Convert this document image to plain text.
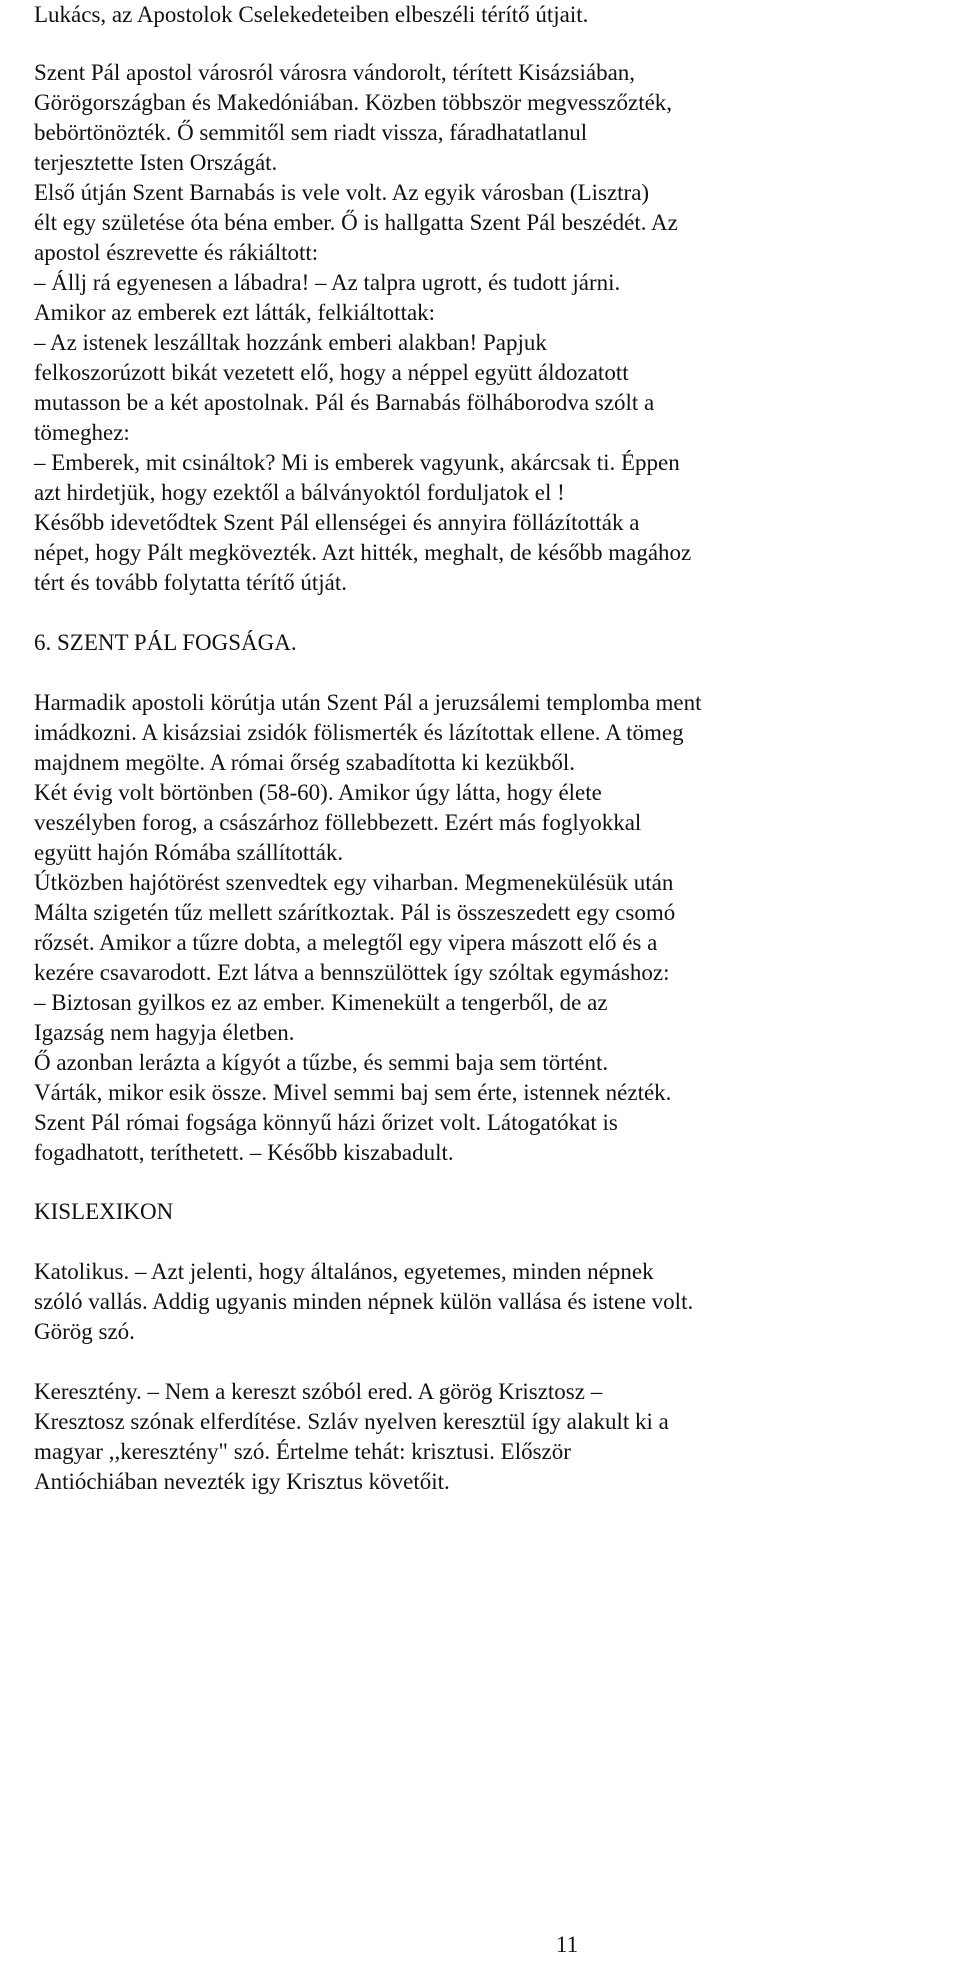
Lukács, az Apostolok Cselekedeteiben elbeszéli térítő útjait.
Szent Pál apostol városról városra vándorolt, térített Kisázsiában,
Görögországban és Makedóniában. Közben többször megvesszőzték,
bebörtönözték. Ő semmitől sem riadt vissza, fáradhatatlanul
terjesztette Isten Országát.
Első útján Szent Barnabás is vele volt. Az egyik városban (Lisztra)
élt egy születése óta béna ember. Ő is hallgatta Szent Pál beszédét. Az
apostol észrevette és rákiáltott:
– Állj rá egyenesen a lábadra! – Az talpra ugrott, és tudott járni.
Amikor az emberek ezt látták, felkiáltottak:
– Az istenek leszálltak hozzánk emberi alakban! Papjuk
felkoszorúzott bikát vezetett elő, hogy a néppel együtt áldozatott
mutasson be a két apostolnak. Pál és Barnabás fölháborodva szólt a
tömeghez:
– Emberek, mit csináltok? Mi is emberek vagyunk, akárcsak ti. Éppen
azt hirdetjük, hogy ezektől a bálványoktól forduljatok el !
Később idevetődtek Szent Pál ellenségei és annyira föllázították a
népet, hogy Pált megkövezték. Azt hitték, meghalt, de később magához
tért és tovább folytatta térítő útját.
6. SZENT PÁL FOGSÁGA.
Harmadik apostoli körútja után Szent Pál a jeruzsálemi templomba ment
imádkozni. A kisázsiai zsidók fölismerték és lázítottak ellene. A tömeg
majdnem megölte. A római őrség szabadította ki kezükből.
Két évig volt börtönben (58-60). Amikor úgy látta, hogy élete
veszélyben forog, a császárhoz föllebbezett. Ezért más foglyokkal
együtt hajón Rómába szállították.
Útközben hajótörést szenvedtek egy viharban. Megmenekülésük után
Málta szigetén tűz mellett szárítkoztak. Pál is összeszedett egy csomó
rőzsét. Amikor a tűzre dobta, a melegtől egy vipera mászott elő és a
kezére csavarodott. Ezt látva a bennszülöttek így szóltak egymáshoz:
– Biztosan gyilkos ez az ember. Kimenekült a tengerből, de az
Igazság nem hagyja életben.
Ő azonban lerázta a kígyót a tűzbe, és semmi baja sem történt.
Várták, mikor esik össze. Mivel semmi baj sem érte, istennek nézték.
Szent Pál római fogsága könnyű házi őrizet volt. Látogatókat is
fogadhatott, teríthetett. – Később kiszabadult.
KISLEXIKON
Katolikus. – Azt jelenti, hogy általános, egyetemes, minden népnek
szóló vallás. Addig ugyanis minden népnek külön vallása és istene volt.
Görög szó.
Keresztény. – Nem a kereszt szóból ered. A görög Krisztosz –
Kresztosz szónak elferdítése. Szláv nyelven keresztül így alakult ki a
magyar ,,keresztény" szó. Értelme tehát: krisztusi. Először
Antióchiában nevezték igy Krisztus követőit.
11
